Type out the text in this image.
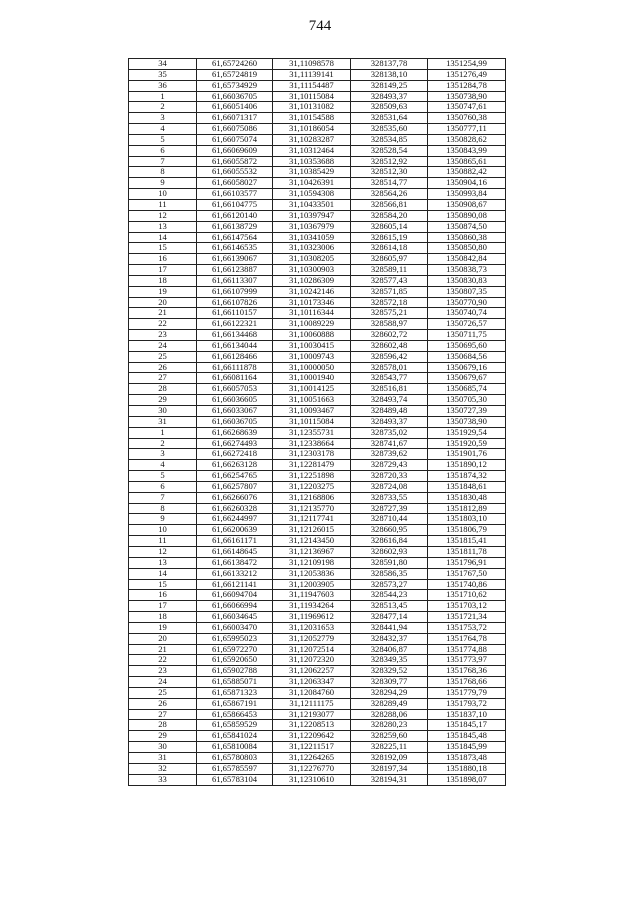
744
34	61,65724260	31,11098578	328137,78	1351254,99
35	61,65724819	31,11139141	328138,10	1351276,49
36	61,65734929	31,11154487	328149,25	1351284,78
1	61,66036705	31,10115084	328493,37	1350738,90
2	61,66051406	31,10131082	328509,63	1350747,61
3	61,66071317	31,10154588	328531,64	1350760,38
4	61,66075086	31,10186054	328535,60	1350777,11
5	61,66075074	31,10283287	328534,85	1350828,62
6	61,66069609	31,10312464	328528,54	1350843,99
7	61,66055872	31,10353688	328512,92	1350865,61
8	61,66055532	31,10385429	328512,30	1350882,42
9	61,66058027	31,10426391	328514,77	1350904,16
10	61,66103577	31,10594308	328564,26	1350993,84
11	61,66104775	31,10433501	328566,81	1350908,67
12	61,66120140	31,10397947	328584,20	1350890,08
13	61,66138729	31,10367979	328605,14	1350874,50
14	61,66147564	31,10341059	328615,19	1350860,38
15	61,66146535	31,10323006	328614,18	1350850,80
16	61,66139067	31,10308205	328605,97	1350842,84
17	61,66123887	31,10300903	328589,11	1350838,73
18	61,66113307	31,10286309	328577,43	1350830,83
19	61,66107999	31,10242146	328571,85	1350807,35
20	61,66107826	31,10173346	328572,18	1350770,90
21	61,66110157	31,10116344	328575,21	1350740,74
22	61,66122321	31,10089229	328588,97	1350726,57
23	61,66134468	31,10060888	328602,72	1350711,75
24	61,66134044	31,10030415	328602,48	1350695,60
25	61,66128466	31,10009743	328596,42	1350684,56
26	61,66111878	31,10000050	328578,01	1350679,16
27	61,66081164	31,10001940	328543,77	1350679,67
28	61,66057053	31,10014125	328516,81	1350685,74
29	61,66036605	31,10051663	328493,74	1350705,30
30	61,66033067	31,10093467	328489,48	1350727,39
31	61,66036705	31,10115084	328493,37	1350738,90
1	61,66268639	31,12355731	328735,02	1351929,54
2	61,66274493	31,12338664	328741,67	1351920,59
3	61,66272418	31,12303178	328739,62	1351901,76
4	61,66263128	31,12281479	328729,43	1351890,12
5	61,66254765	31,12251898	328720,33	1351874,32
6	61,66257807	31,12203275	328724,08	1351848,61
7	61,66266076	31,12168806	328733,55	1351830,48
8	61,66260328	31,12135770	328727,39	1351812,89
9	61,66244997	31,12117741	328710,44	1351803,10
10	61,66200639	31,12126015	328660,95	1351806,79
11	61,66161171	31,12143450	328616,84	1351815,41
12	61,66148645	31,12136967	328602,93	1351811,78
13	61,66138472	31,12109198	328591,80	1351796,91
14	61,66133212	31,12053836	328586,35	1351767,50
15	61,66121141	31,12003905	328573,27	1351740,86
16	61,66094704	31,11947603	328544,23	1351710,62
17	61,66066994	31,11934264	328513,45	1351703,12
18	61,66034645	31,11969612	328477,14	1351721,34
19	61,66003470	31,12031653	328441,94	1351753,72
20	61,65995023	31,12052779	328432,37	1351764,78
21	61,65972270	31,12072514	328406,87	1351774,88
22	61,65920650	31,12072320	328349,35	1351773,97
23	61,65902788	31,12062257	328329,52	1351768,36
24	61,65885071	31,12063347	328309,77	1351768,66
25	61,65871323	31,12084760	328294,29	1351779,79
26	61,65867191	31,12111175	328289,49	1351793,72
27	61,65866453	31,12193077	328288,06	1351837,10
28	61,65859529	31,12208513	328280,23	1351845,17
29	61,65841024	31,12209642	328259,60	1351845,48
30	61,65810084	31,12211517	328225,11	1351845,99
31	61,65780803	31,12264265	328192,09	1351873,48
32	61,65785597	31,12276770	328197,34	1351880,18
33	61,65783104	31,12310610	328194,31	1351898,07
